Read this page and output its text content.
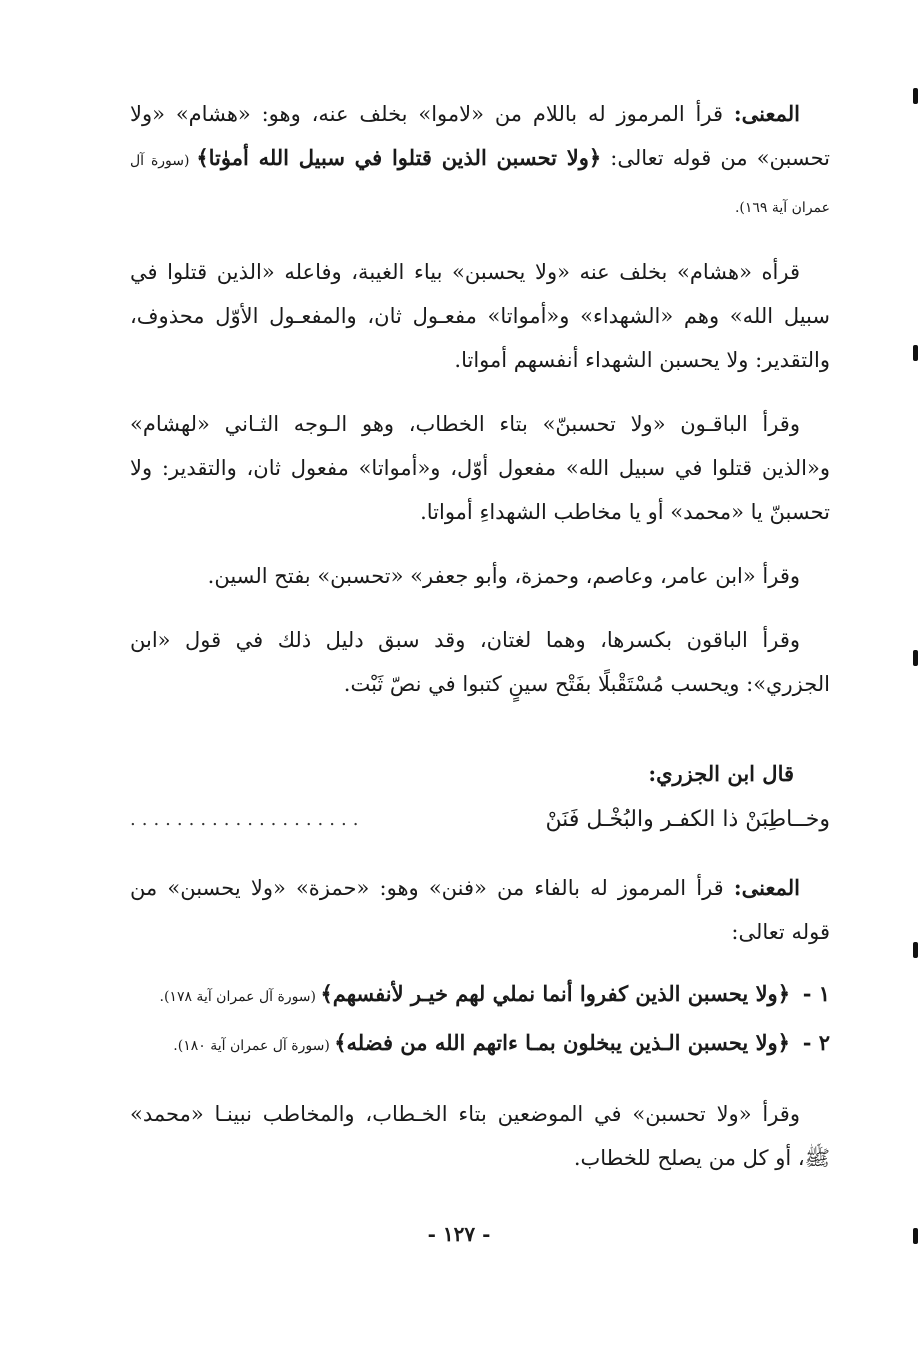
المعنى: قرأ المرموز له باللام من «لاموا» بخلف عنه، وهو: «هشام» «ولا تحسبن» من قوله تعالى: ﴿ولا تحسبن الذين قتلوا في سبيل الله أموٰتا﴾ (سورة آل عمران آية ١٦٩).

قرأه «هشام» بخلف عنه «ولا يحسبن» بياء الغيبة، وفاعله «الذين قتلوا في سبيل الله» وهم «الشهداء» و«أمواتا» مفعـول ثان، والمفعـول الأوّل محذوف، والتقدير: ولا يحسبن الشهداء أنفسهم أمواتا.

وقرأ الباقـون «ولا تحسبنّ» بتاء الخطاب، وهو الـوجه الثـاني «لهشام» و«الذين قتلوا في سبيل الله» مفعول أوّل، و«أمواتا» مفعول ثان، والتقدير: ولا تحسبنّ يا «محمد» أو يا مخاطب الشهداءِ أمواتا.

وقرأ «ابن عامر، وعاصم، وحمزة، وأبو جعفر» «تحسبن» بفتح السين.

وقرأ الباقون بكسرها، وهما لغتان، وقد سبق دليل ذلك في قول «ابن الجزري»: ويحسب مُسْتَقْبلًا بفَتْح سينٍ كتبوا في نصّ ثَبْت.

قال ابن الجزري:
وخــاطِبَنْ ذا الكفـر والبُخْـل فَنَنْ
....................

المعنى: قرأ المرموز له بالفاء من «فنن» وهو: «حمزة» «ولا يحسبن» من قوله تعالى:

١ - ﴿ولا يحسبن الذين كفروا أنما نملي لهم خيـر لأنفسهم﴾ (سورة آل عمران آية ١٧٨).
٢ - ﴿ولا يحسبن الـذين يبخلون بمـا ءاتهم الله من فضله﴾ (سورة آل عمران آية ١٨٠).

وقرأ «ولا تحسبن» في الموضعين بتاء الخـطاب، والمخاطب نبينـا «محمد» ﷺ، أو كل من يصلح للخطاب.

- ١٢٧ -
